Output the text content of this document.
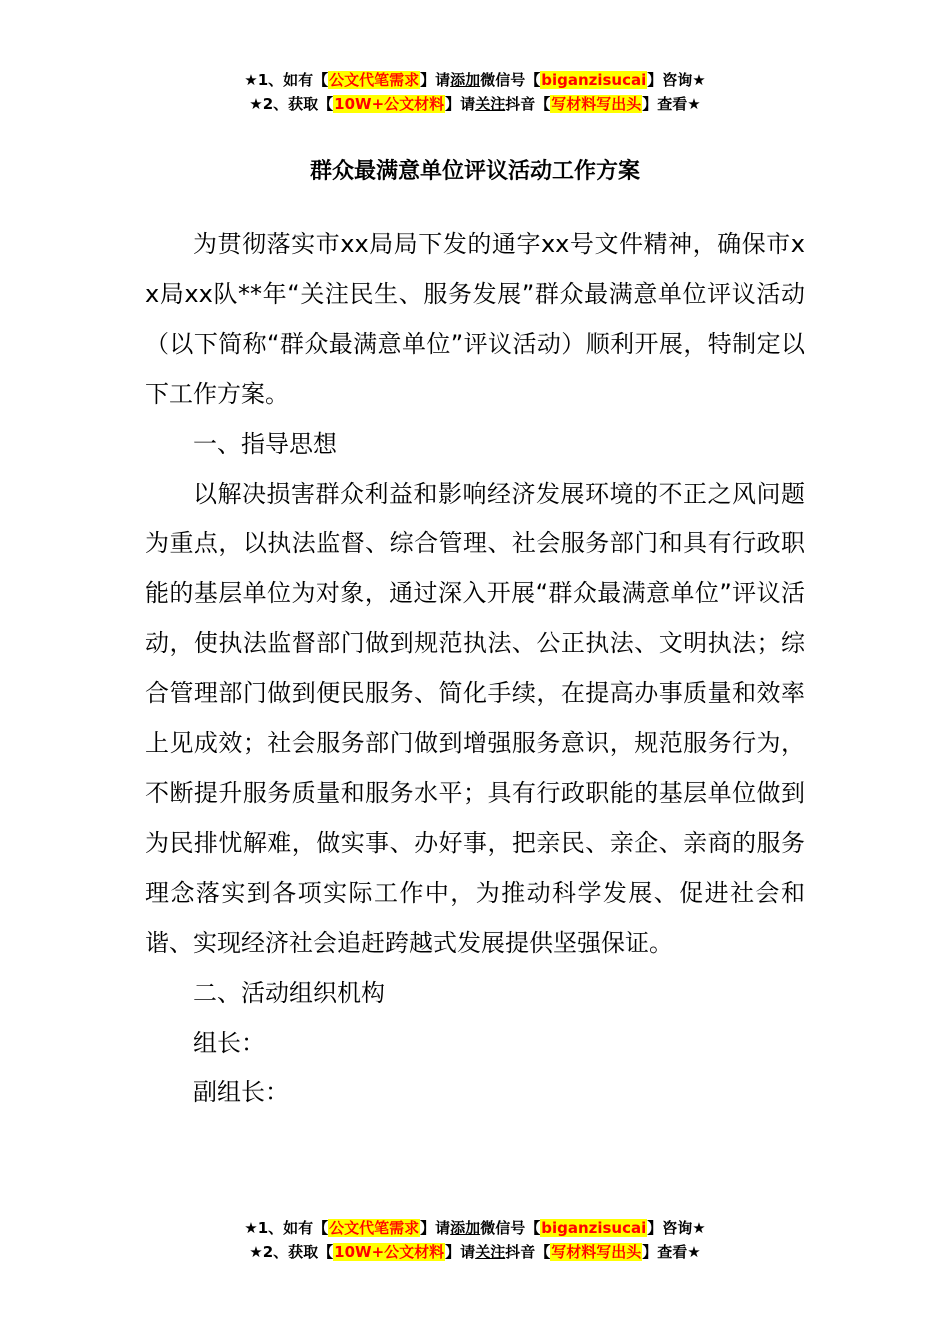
★1、如有【公文代笔需求】请添加微信号【biganzisucai】咨询★
★2、获取【10W+公文材料】请关注抖音【写材料写出头】查看★
群众最满意单位评议活动工作方案

为贯彻落实市xx局局下发的通字xx号文件精神，确保市xx局xx队**年“关注民生、服务发展”群众最满意单位评议活动（以下简称“群众最满意单位”评议活动）顺利开展，特制定以下工作方案。

一、指导思想

以解决损害群众利益和影响经济发展环境的不正之风问题为重点，以执法监督、综合管理、社会服务部门和具有行政职能的基层单位为对象，通过深入开展“群众最满意单位”评议活动，使执法监督部门做到规范执法、公正执法、文明执法；综合管理部门做到便民服务、简化手续，在提高办事质量和效率上见成效；社会服务部门做到增强服务意识，规范服务行为，不断提升服务质量和服务水平；具有行政职能的基层单位做到为民排忧解难，做实事、办好事，把亲民、亲企、亲商的服务理念落实到各项实际工作中，为推动科学发展、促进社会和谐、实现经济社会追赶跨越式发展提供坚强保证。

二、活动组织机构

组长：

副组长：

★1、如有【公文代笔需求】请添加微信号【biganzisucai】咨询★
★2、获取【10W+公文材料】请关注抖音【写材料写出头】查看★
